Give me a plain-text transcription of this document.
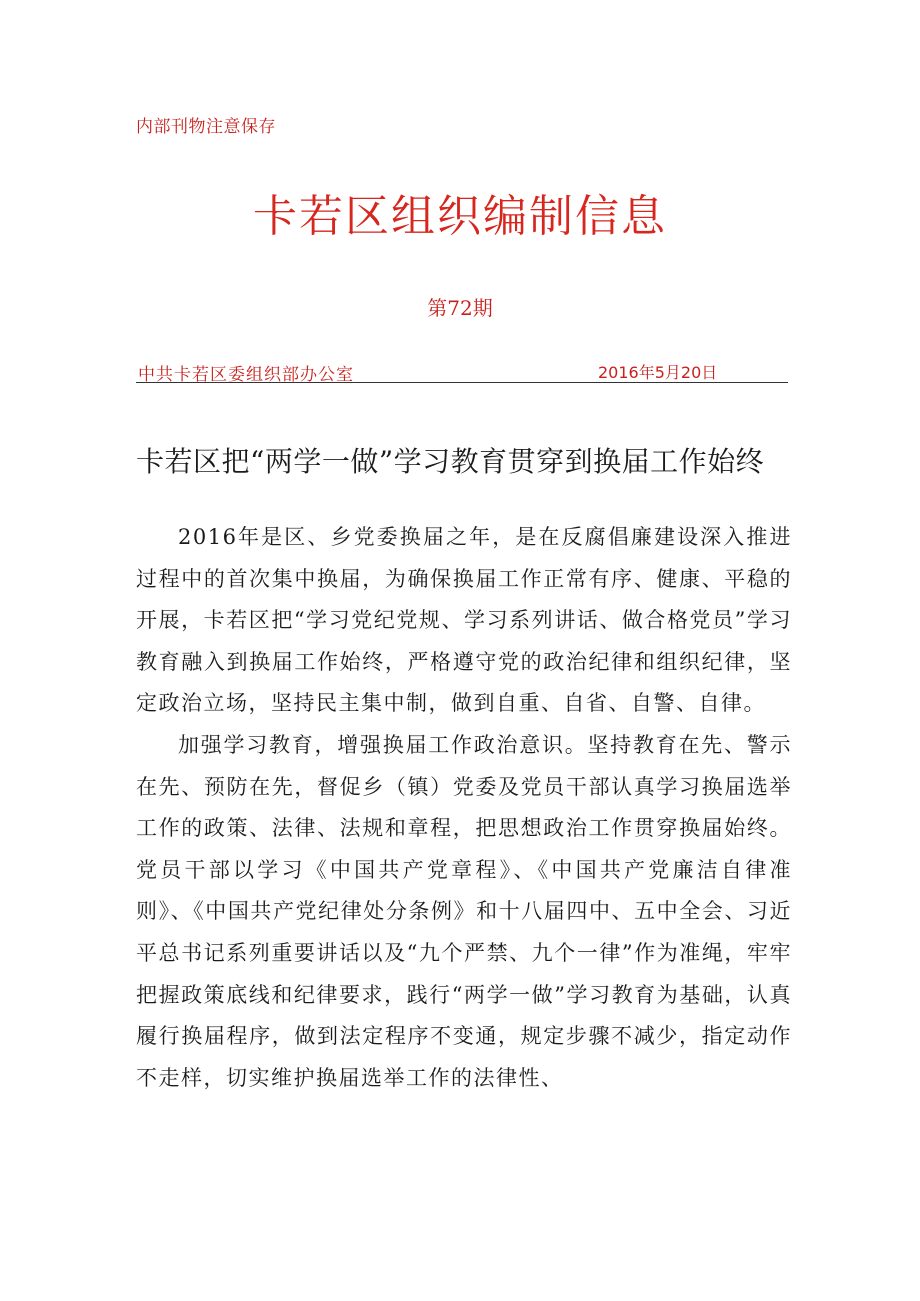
内部刊物注意保存
卡若区组织编制信息
第72期
中共卡若区委组织部办公室	2016年5月20日
卡若区把“两学一做”学习教育贯穿到换届工作始终

2016年是区、乡党委换届之年，是在反腐倡廉建设深入推进过程中的首次集中换届，为确保换届工作正常有序、健康、平稳的开展，卡若区把“学习党纪党规、学习系列讲话、做合格党员”学习教育融入到换届工作始终，严格遵守党的政治纪律和组织纪律，坚定政治立场，坚持民主集中制，做到自重、自省、自警、自律。

加强学习教育，增强换届工作政治意识。坚持教育在先、警示在先、预防在先，督促乡（镇）党委及党员干部认真学习换届选举工作的政策、法律、法规和章程，把思想政治工作贯穿换届始终。党员干部以学习《中国共产党章程》、《中国共产党廉洁自律准则》、《中国共产党纪律处分条例》和十八届四中、五中全会、习近平总书记系列重要讲话以及“九个严禁、九个一律”作为准绳，牢牢把握政策底线和纪律要求，践行“两学一做”学习教育为基础，认真履行换届程序，做到法定程序不变通，规定步骤不减少，指定动作不走样，切实维护换届选举工作的法律性、
